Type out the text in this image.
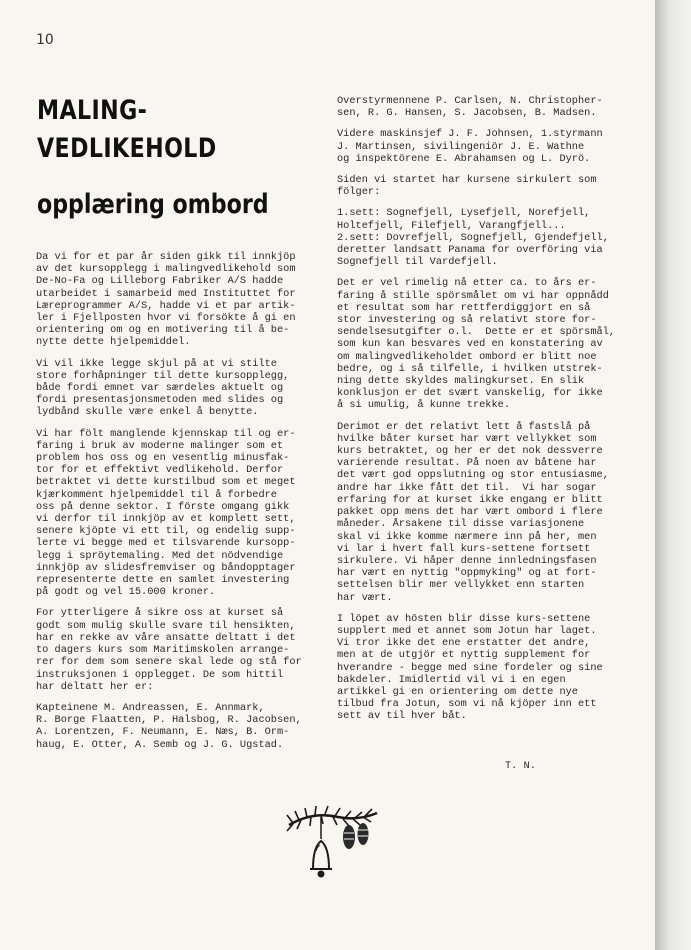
10
MALING-
VEDLIKEHOLD
opplæring ombord

Da vi for et par år siden gikk til innkjöp
av det kursopplegg i malingvedlikehold som
De-No-Fa og Lilleborg Fabriker A/S hadde
utarbeidet i samarbeid med Instituttet for
Læreprogrammer A/S, hadde vi et par artik-
ler i Fjellposten hvor vi forsökte å gi en
orientering om og en motivering til å be-
nytte dette hjelpemiddel.

Vi vil ikke legge skjul på at vi stilte
store forhåpninger til dette kursopplegg,
både fordi emnet var særdeles aktuelt og
fordi presentasjonsmetoden med slides og
lydbånd skulle være enkel å benytte.

Vi har fölt manglende kjennskap til og er-
faring i bruk av moderne malinger som et
problem hos oss og en vesentlig minusfak-
tor for et effektivt vedlikehold. Derfor
betraktet vi dette kurstilbud som et meget
kjærkomment hjelpemiddel til å forbedre
oss på denne sektor. I förste omgang gikk
vi derfor til innkjöp av et komplett sett,
senere kjöpte vi ett til, og endelig supp-
lerte vi begge med et tilsvarende kursopp-
legg i spröytemaling. Med det nödvendige
innkjöp av slidesfremviser og båndopptager
representerte dette en samlet investering
på godt og vel 15.000 kroner.

For ytterligere å sikre oss at kurset så
godt som mulig skulle svare til hensikten,
har en rekke av våre ansatte deltatt i det
to dagers kurs som Maritimskolen arrange-
rer for dem som senere skal lede og stå for
instruksjonen i opplegget. De som hittil
har deltatt her er:

Kapteinene M. Andreassen, E. Annmark,
R. Borge Flaatten, P. Halsbog, R. Jacobsen,
A. Lorentzen, F. Neumann, E. Næs, B. Orm-
haug, E. Otter, A. Semb og J. G. Ugstad.

Overstyrmennene P. Carlsen, N. Christopher-
sen, R. G. Hansen, S. Jacobsen, B. Madsen.

Videre maskinsjef J. F. Johnsen, 1.styrmann
J. Martinsen, sivilingeniör J. E. Wathne
og inspektörene E. Abrahamsen og L. Dyrö.

Siden vi startet har kursene sirkulert som
fölger:

1.sett: Sognefjell, Lysefjell, Norefjell,
Holtefjell, Filefjell, Varangfjell...
2.sett: Dovrefjell, Sognefjell, Gjendefjell,
deretter landsatt Panama for overföring via
Sognefjell til Vardefjell.

Det er vel rimelig nå etter ca. to års er-
faring å stille spörsmålet om vi har oppnådd
et resultat som har rettferdiggjort en så
stor investering og så relativt store for-
sendelsesutgifter o.l.  Dette er et spörsmål,
som kun kan besvares ved en konstatering av
om malingvedlikeholdet ombord er blitt noe
bedre, og i så tilfelle, i hvilken utstrek-
ning dette skyldes malingkurset. En slik
konklusjon er det svært vanskelig, for ikke
å si umulig, å kunne trekke.

Derimot er det relativt lett å fastslå på
hvilke båter kurset har vært vellykket som
kurs betraktet, og her er det nok dessverre
varierende resultat. På noen av båtene har
det vært god oppslutning og stor entusiasme,
andre har ikke fått det til.  Vi har sogar
erfaring for at kurset ikke engang er blitt
pakket opp mens det har vært ombord i flere
måneder. Årsakene til disse variasjonene
skal vi ikke komme nærmere inn på her, men
vi lar i hvert fall kurs-settene fortsett
sirkulere. Vi håper denne innledningsfasen
har vært en nyttig "oppmyking" og at fort-
settelsen blir mer vellykket enn starten
har vært.

I löpet av hösten blir disse kurs-settene
supplert med et annet som Jotun har laget.
Vi tror ikke det ene erstatter det andre,
men at de utgjör et nyttig supplement for
hverandre - begge med sine fordeler og sine
bakdeler. Imidlertid vil vi i en egen
artikkel gi en orientering om dette nye
tilbud fra Jotun, som vi nå kjöper inn ett
sett av til hver båt.

T. N.
